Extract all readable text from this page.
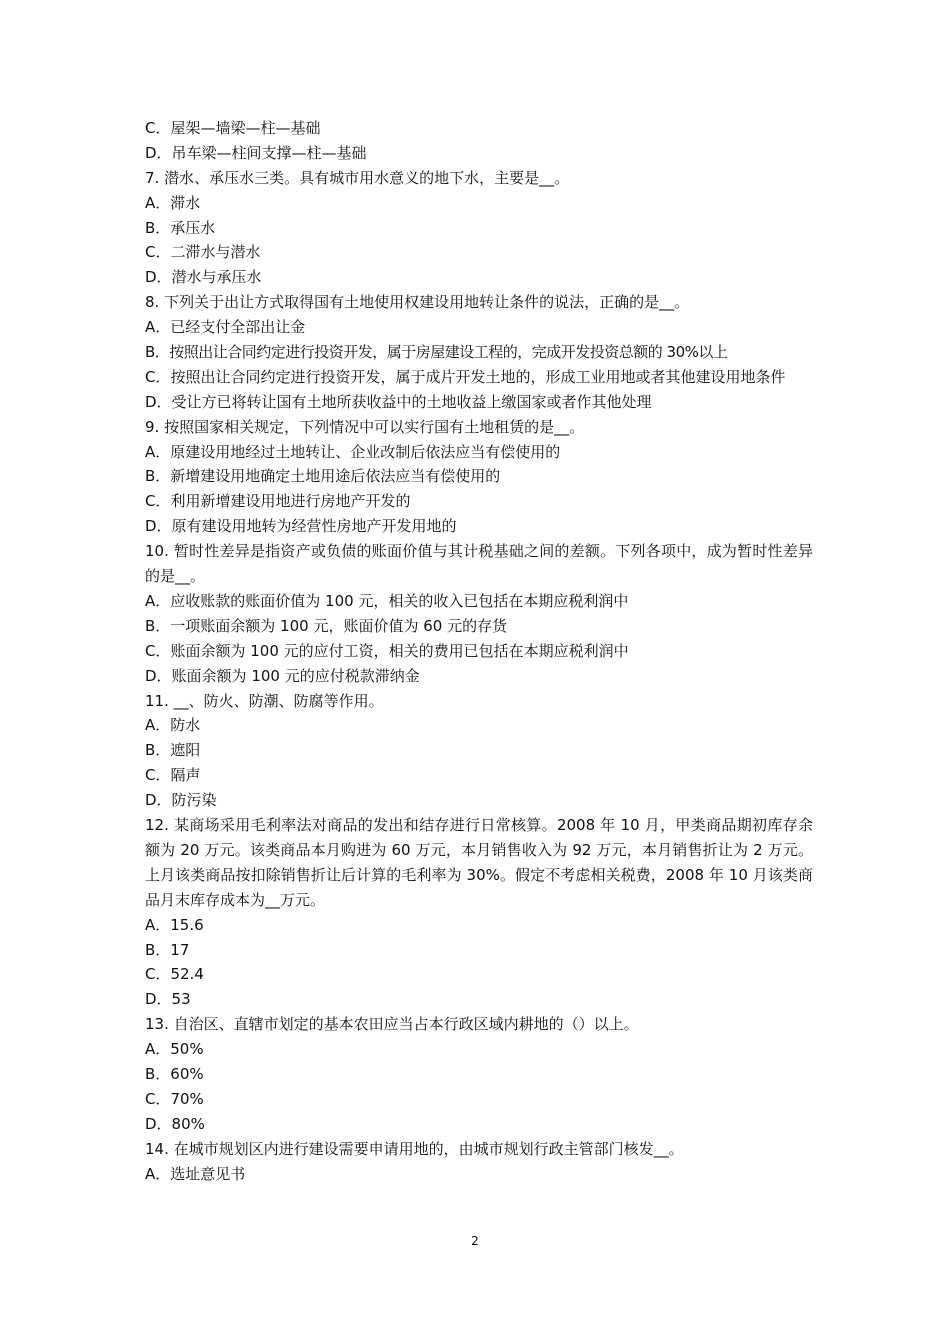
C．屋架—墙梁—柱—基础
D．吊车梁—柱间支撑—柱—基础
7. 潜水、承压水三类。具有城市用水意义的地下水，主要是__。
A．滞水
B．承压水
C．二滞水与潜水
D．潜水与承压水
8. 下列关于出让方式取得国有土地使用权建设用地转让条件的说法，正确的是__。
A．已经支付全部出让金
B．按照出让合同约定进行投资开发，属于房屋建设工程的，完成开发投资总额的 30%以上
C．按照出让合同约定进行投资开发，属于成片开发土地的，形成工业用地或者其他建设用地条件
D．受让方已将转让国有土地所获收益中的土地收益上缴国家或者作其他处理
9. 按照国家相关规定，下列情况中可以实行国有土地租赁的是__。
A．原建设用地经过土地转让、企业改制后依法应当有偿使用的
B．新增建设用地确定土地用途后依法应当有偿使用的
C．利用新增建设用地进行房地产开发的
D．原有建设用地转为经营性房地产开发用地的
10. 暂时性差异是指资产或负债的账面价值与其计税基础之间的差额。下列各项中，成为暂时性差异的是__。
A．应收账款的账面价值为 100 元，相关的收入已包括在本期应税利润中
B．一项账面余额为 100 元，账面价值为 60 元的存货
C．账面余额为 100 元的应付工资，相关的费用已包括在本期应税利润中
D．账面余额为 100 元的应付税款滞纳金
11. __、防火、防潮、防腐等作用。
A．防水
B．遮阳
C．隔声
D．防污染
12. 某商场采用毛利率法对商品的发出和结存进行日常核算。2008 年 10 月，甲类商品期初库存余额为 20 万元。该类商品本月购进为 60 万元，本月销售收入为 92 万元，本月销售折让为 2 万元。上月该类商品按扣除销售折让后计算的毛利率为 30%。假定不考虑相关税费，2008 年 10 月该类商品月末库存成本为__万元。
A．15.6
B．17
C．52.4
D．53
13. 自治区、直辖市划定的基本农田应当占本行政区域内耕地的（）以上。
A．50%
B．60%
C．70%
D．80%
14. 在城市规划区内进行建设需要申请用地的，由城市规划行政主管部门核发__。
A．选址意见书
2
